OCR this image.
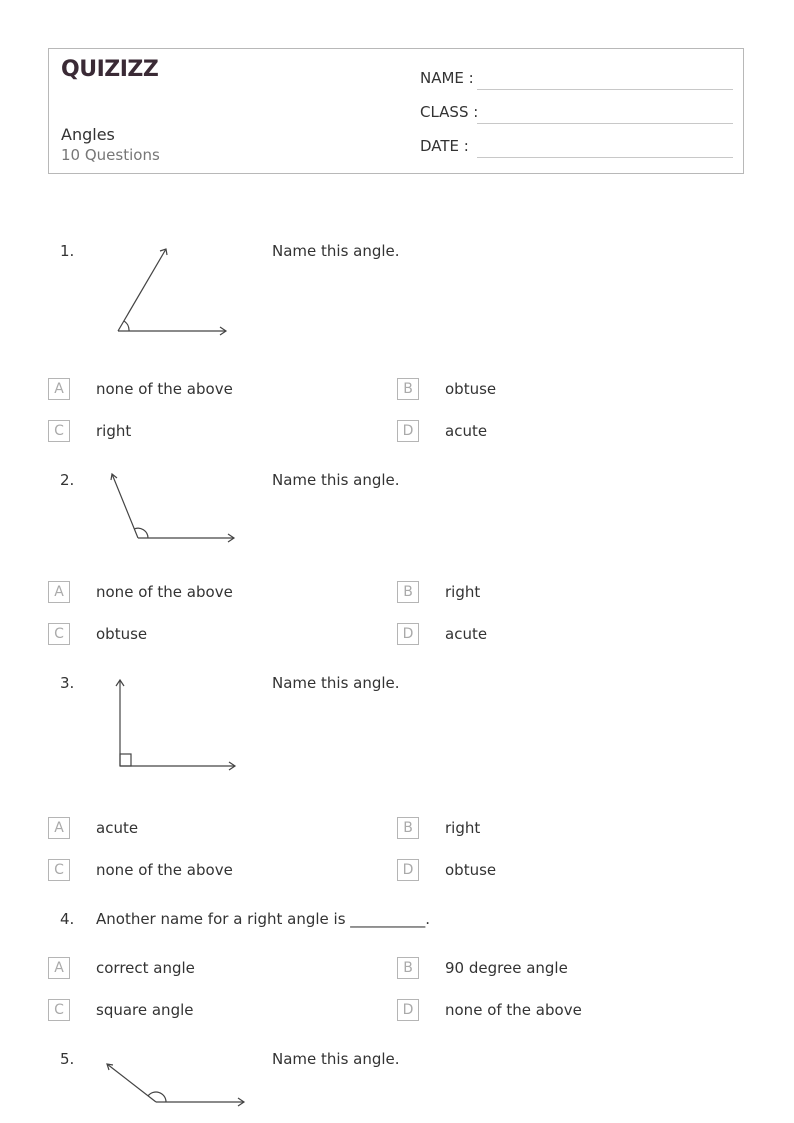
QUIZIZZ
Angles
10 Questions
NAME :
CLASS :
DATE :
1.	Name this angle.
A	none of the above	B	obtuse
C	right	D	acute
2.	Name this angle.
A	none of the above	B	right
C	obtuse	D	acute
3.	Name this angle.
A	acute	B	right
C	none of the above	D	obtuse
4. Another name for a right angle is __________.
A	correct angle	B	90 degree angle
C	square angle	D	none of the above
5.	Name this angle.
